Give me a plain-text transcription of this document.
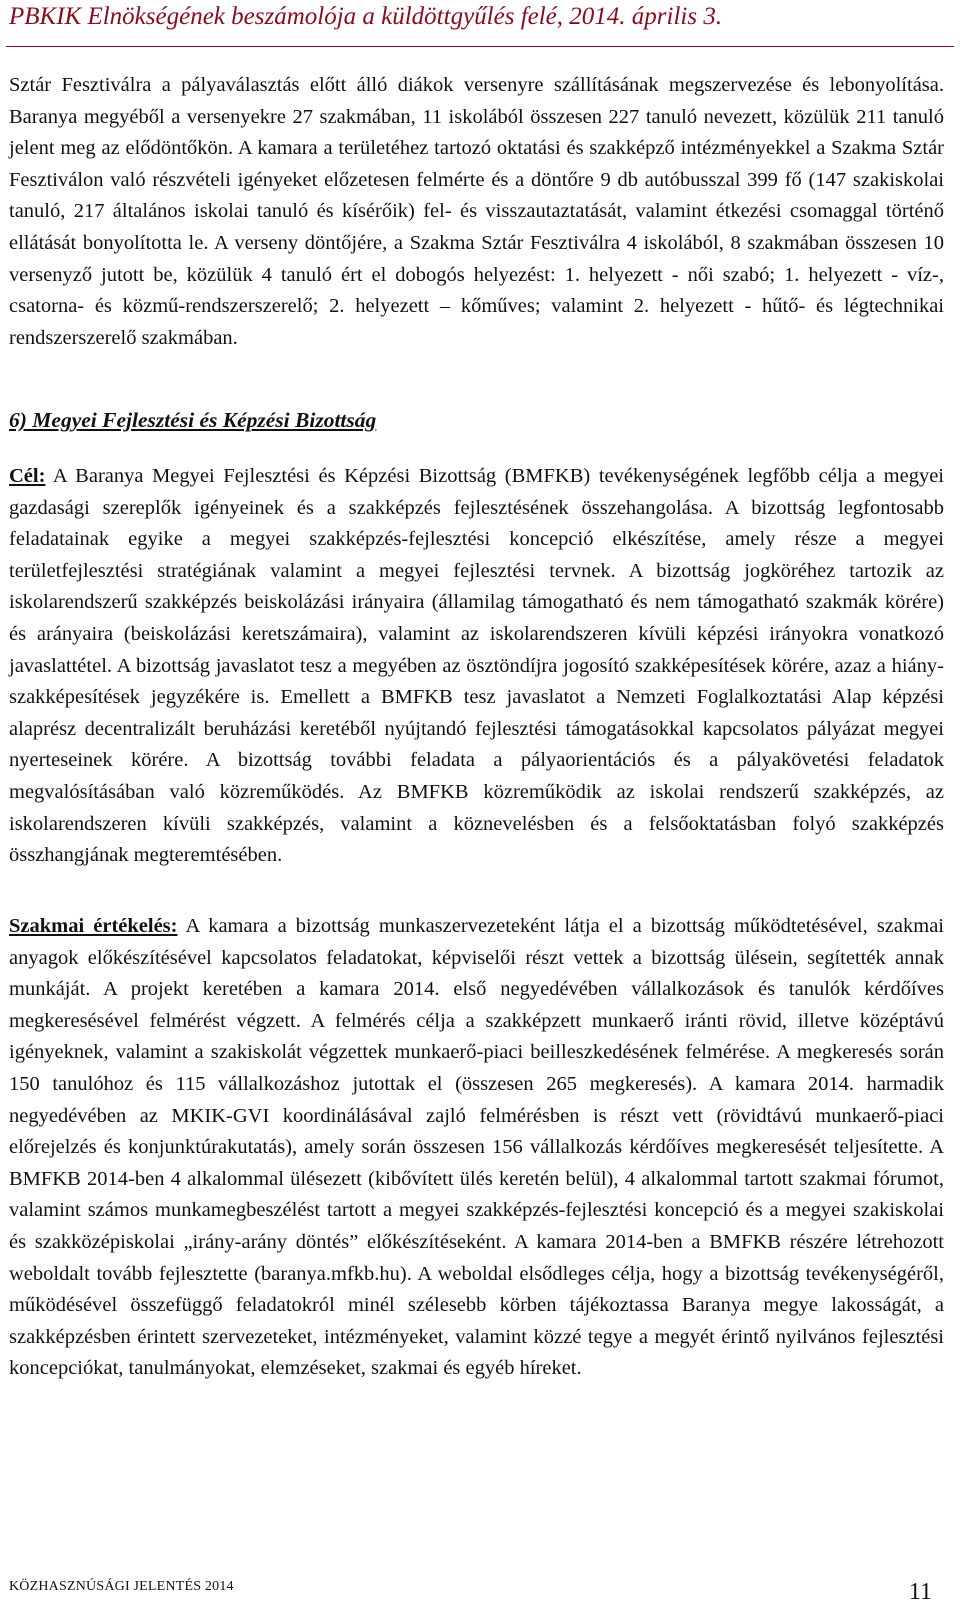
PBKIK Elnökségének beszámolója a küldöttgyűlés felé, 2014. április 3.
Sztár Fesztiválra a pályaválasztás előtt álló diákok versenyre szállításának megszervezése és lebonyolítása. Baranya megyéből a versenyekre 27 szakmában, 11 iskolából összesen 227 tanuló nevezett, közülük 211 tanuló jelent meg az elődöntőkön. A kamara a területéhez tartozó oktatási és szakképző intézményekkel a Szakma Sztár Fesztiválon való részvételi igényeket előzetesen felmérte és a döntőre 9 db autóbusszal 399 fő (147 szakiskolai tanuló, 217 általános iskolai tanuló és kísérőik) fel- és visszautaztatását, valamint étkezési csomaggal történő ellátását bonyolította le. A verseny döntőjére, a Szakma Sztár Fesztiválra 4 iskolából, 8 szakmában összesen 10 versenyző jutott be, közülük 4 tanuló ért el dobogós helyezést: 1. helyezett - női szabó; 1. helyezett - víz-, csatorna- és közmű-rendszerszerelő; 2. helyezett – kőműves; valamint 2. helyezett - hűtő- és légtechnikai rendszerszerelő szakmában.
6) Megyei Fejlesztési és Képzési Bizottság
Cél: A Baranya Megyei Fejlesztési és Képzési Bizottság (BMFKB) tevékenységének legfőbb célja a megyei gazdasági szereplők igényeinek és a szakképzés fejlesztésének összehangolása. A bizottság legfontosabb feladatainak egyike a megyei szakképzés-fejlesztési koncepció elkészítése, amely része a megyei területfejlesztési stratégiának valamint a megyei fejlesztési tervnek. A bizottság jogköréhez tartozik az iskolarendszerű szakképzés beiskolázási irányaira (államilag támogatható és nem támogatható szakmák körére) és arányaira (beiskolázási keretszámaira), valamint az iskolarendszeren kívüli képzési irányokra vonatkozó javaslattétel. A bizottság javaslatot tesz a megyében az ösztöndíjra jogosító szakképesítések körére, azaz a hiány-szakképesítések jegyzékére is. Emellett a BMFKB tesz javaslatot a Nemzeti Foglalkoztatási Alap képzési alaprész decentralizált beruházási keretéből nyújtandó fejlesztési támogatásokkal kapcsolatos pályázat megyei nyerteseinek körére. A bizottság további feladata a pályaorientációs és a pályakövetési feladatok megvalósításában való közreműködés. Az BMFKB közreműködik az iskolai rendszerű szakképzés, az iskolarendszeren kívüli szakképzés, valamint a köznevelésben és a felsőoktatásban folyó szakképzés összhangjának megteremtésében.
Szakmai értékelés: A kamara a bizottság munkaszervezeteként látja el a bizottság működtetésével, szakmai anyagok előkészítésével kapcsolatos feladatokat, képviselői részt vettek a bizottság ülésein, segítették annak munkáját. A projekt keretében a kamara 2014. első negyedévében vállalkozások és tanulók kérdőíves megkeresésével felmérést végzett. A felmérés célja a szakképzett munkaerő iránti rövid, illetve középtávú igényeknek, valamint a szakiskolát végzettek munkaerő-piaci beilleszkedésének felmérése. A megkeresés során 150 tanulóhoz és 115 vállalkozáshoz jutottak el (összesen 265 megkeresés). A kamara 2014. harmadik negyedévében az MKIK-GVI koordinálásával zajló felmérésben is részt vett (rövidtávú munkaerő-piaci előrejelzés és konjunktúrakutatás), amely során összesen 156 vállalkozás kérdőíves megkeresését teljesítette. A BMFKB 2014-ben 4 alkalommal ülésezett (kibővített ülés keretén belül), 4 alkalommal tartott szakmai fórumot, valamint számos munkamegbeszélést tartott a megyei szakképzés-fejlesztési koncepció és a megyei szakiskolai és szakközépiskolai „irány-arány döntés” előkészítéseként. A kamara 2014-ben a BMFKB részére létrehozott weboldalt tovább fejlesztette (baranya.mfkb.hu). A weboldal elsődleges célja, hogy a bizottság tevékenységéről, működésével összefüggő feladatokról minél szélesebb körben tájékoztassa Baranya megye lakosságát, a szakképzésben érintett szervezeteket, intézményeket, valamint közzé tegye a megyét érintő nyilvános fejlesztési koncepciókat, tanulmányokat, elemzéseket, szakmai és egyéb híreket.
KÖZHASZNÚSÁGI JELENTÉS 2014	11
